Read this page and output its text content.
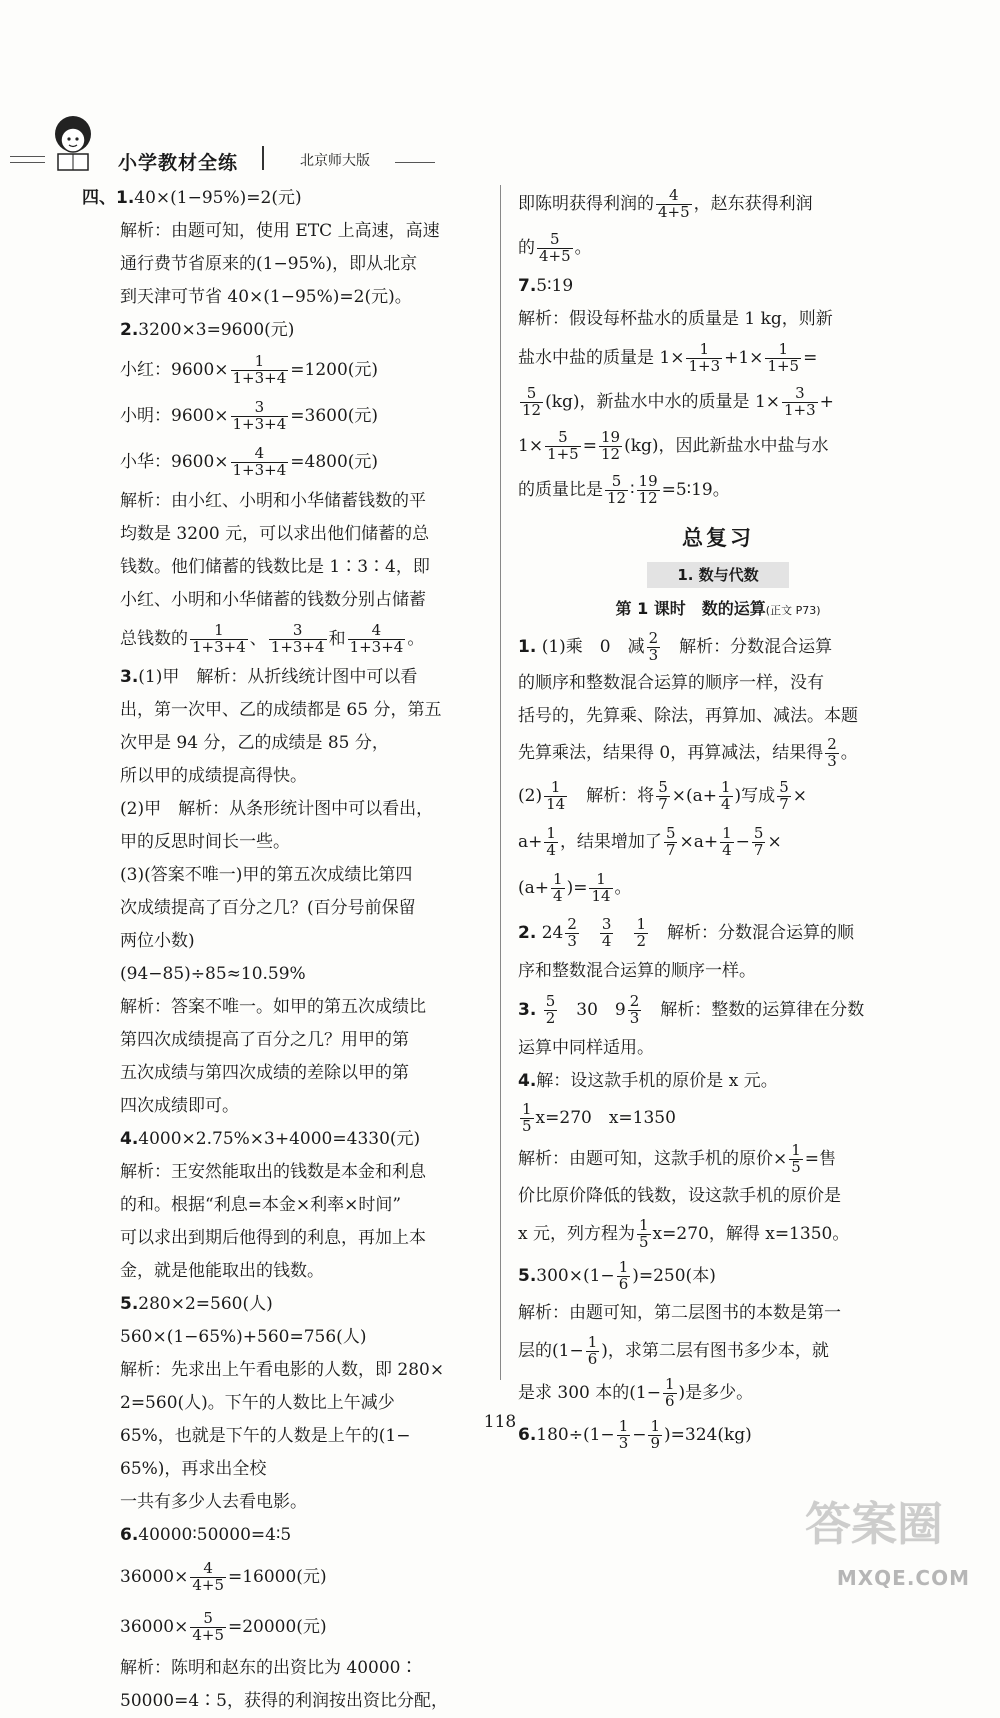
小学教材全练	北京师大版

四、1.40×(1−95%)=2(元)

解析：由题可知，使用 ETC 上高速，高速

通行费节省原来的(1−95%)，即从北京

到天津可节省 40×(1−95%)=2(元)。

2.3200×3=9600(元)

小红：$9600\times \frac{1}{1+3+4} =1200$(元)

小明：$9600\times \frac{3}{1+3+4} =3600$(元)

小华：$9600\times \frac{4}{1+3+4} =4800$(元)

解析：由小红、小明和小华储蓄钱数的平

均数是 3200 元，可以求出他们储蓄的总

钱数。他们储蓄的钱数比是 1∶3∶4，即

小红、小明和小华储蓄的钱数分别占储蓄

总钱数的 $\frac{1}{1+3+4}$ 、 $\frac{3}{1+3+4}$ 和 $\frac{4}{1+3+4}$ 。

3.(1)甲　解析：从折线统计图中可以看

出，第一次甲、乙的成绩都是 65 分，第五

次甲是 94 分，乙的成绩是 85 分，

所以甲的成绩提高得快。

(2)甲　解析：从条形统计图中可以看出，

甲的反思时间长一些。

(3)(答案不唯一)甲的第五次成绩比第四

次成绩提高了百分之几？(百分号前保留

两位小数)

(94−85)÷85≈10.59%

解析：答案不唯一。如甲的第五次成绩比

第四次成绩提高了百分之几？用甲的第

五次成绩与第四次成绩的差除以甲的第

四次成绩即可。

4.4000×2.75%×3+4000=4330(元)

解析：王安然能取出的钱数是本金和利息

的和。根据“利息=本金×利率×时间”

可以求出到期后他得到的利息，再加上本

金，就是他能取出的钱数。

5.280×2=560(人)

560×(1−65%)+560=756(人)

解析：先求出上午看电影的人数，即 280×

2=560(人)。下午的人数比上午减少

65%，也就是下午的人数是上午的(1−

65%)，再求出全校

一共有多少人去看电影。

6.40000∶50000=4∶5

$36000\times \frac{4}{4+5} =16000$(元)

$36000\times \frac{5}{4+5} =20000$(元)

解析：陈明和赵东的出资比为 40000∶

50000=4∶5，获得的利润按出资比分配，

即陈明获得利润的 $\frac{4}{4+5}$ ，赵东获得利润

的 $\frac{5}{4+5}$ 。

7.5∶19

解析：假设每杯盐水的质量是 1 kg，则新

盐水中盐的质量是 $1\times \frac{1}{1+3} +1\times \frac{1}{1+5}$ =

$\frac{5}{12} (kg)$，新盐水中水的质量是 $1\times \frac{3}{1+3}$ +

$1\times \frac{5}{1+5} = \frac{19}{12} (kg)$，因此新盐水中盐与水

的质量比是 $\frac{5}{12}$ ∶ $\frac{19}{12}$ =5∶19。

总复习

1. 数与代数

第 1 课时　数的运算(正文 P73)

1. (1)乘　0　减 $\frac{2}{3}$ 　解析：分数混合运算

的顺序和整数混合运算的顺序一样，没有

括号的，先算乘、除法，再算加、减法。本题

先算乘法，结果得 0，再算减法，结果得 $\frac{2}{3}$ 。

$(2) \frac{1}{14}$ 　解析：将 $\frac{5}{7} \times(a+ \frac{1}{4}$ )写成 $\frac{5}{7}$ ×

$a+ \frac{1}{4}$ ，结果增加了 $\frac{5}{7} \times a+ \frac{1}{4} - \frac{5}{7}$ ×

($a+ \frac{1}{4}$ )= $\frac{1}{14}$ 。

2. $24 \frac{2}{3}$
　 $\frac{3}{4}$
　 $\frac{1}{2}$ 　解析：分数混合运算的顺

序和整数混合运算的顺序一样。

3. $\frac{5}{2}$ 　30　$9 \frac{2}{3}$ 　解析：整数的运算律在分数

运算中同样适用。

4.解：设这款手机的原价是 x 元。

$\frac{1}{5} x=270$　x=1350

解析：由题可知，这款手机的原价× $\frac{1}{5}$ =售

价比原价降低的钱数，设这款手机的原价是

x 元，列方程为 $\frac{1}{5} x=270$，解得 x=1350。

$5.300\times(1- \frac{1}{6} )=250$(本)

解析：由题可知，第二层图书的本数是第一

层的($1- \frac{1}{6}$ )，求第二层有图书多少本，就

是求 300 本的($1- \frac{1}{6}$ )是多少。

$6.180\div(1- \frac{1}{3} - \frac{1}{9} )=324(kg)$

118
答案圈
MXQE.COM
